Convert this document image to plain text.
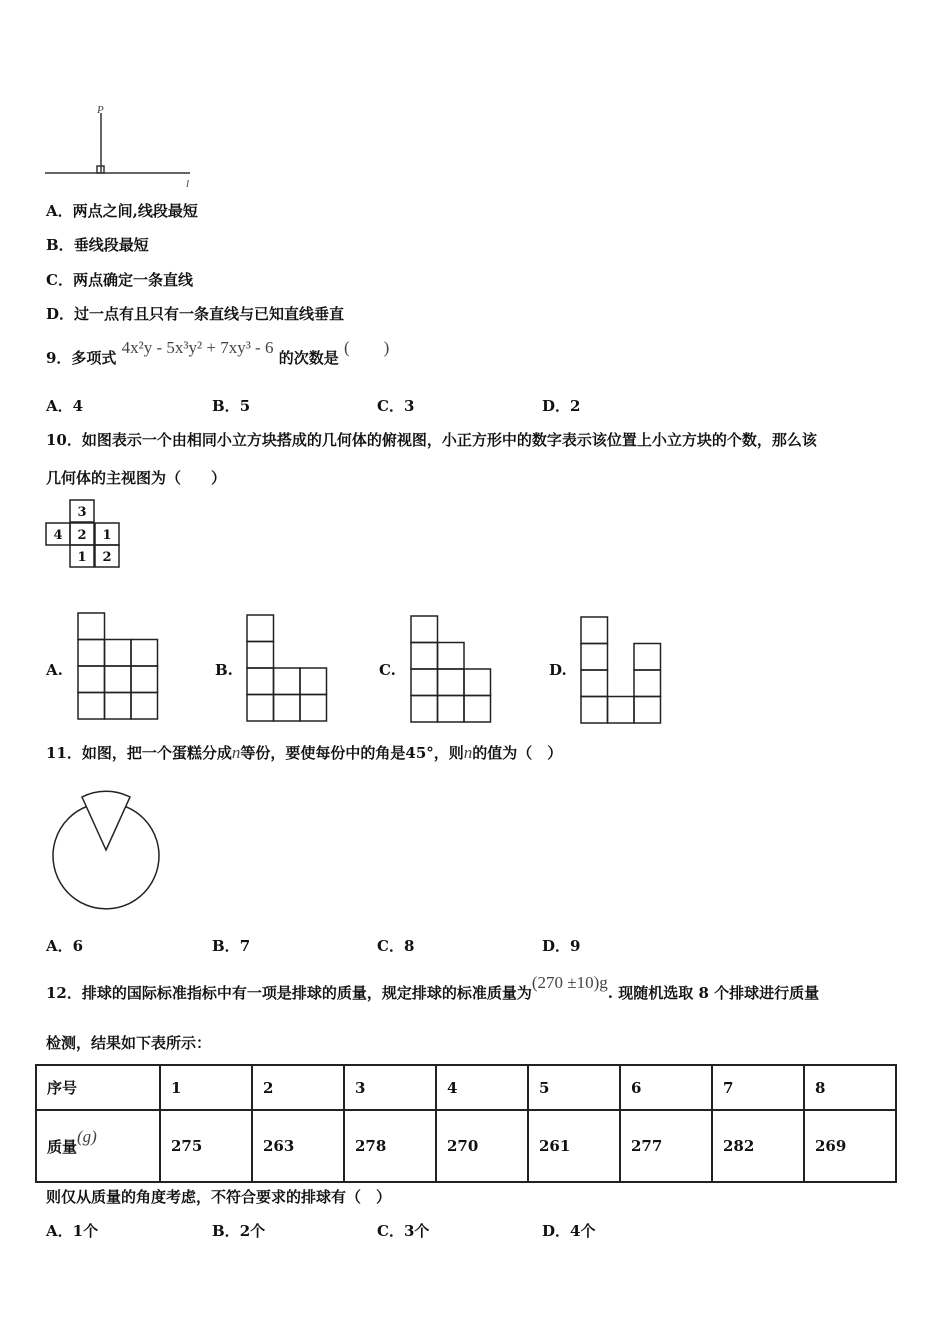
3
4 2 1
1 2
P
l
9．多项式 4x²y - 5x³y² + 7xy³ - 6 的次数是 (　　)
10．如图表示一个由相同小立方块搭成的几何体的俯视图，小正方形中的数字表示该位置上小立方块的个数，那么该
几何体的主视图为（　　）
11．如图，把一个蛋糕分成n等份，要使每份中的角是45°，则n的值为（　）
12．排球的国际标准指标中有一项是排球的质量，规定排球的标准质量为(270 ±10)g. 现随机选取 8 个排球进行质量
检测，结果如下表所示：
序号	1	2	3	4	5	6	7	8
质量(g)	275	263	278	270	261	277	282	269
则仅从质量的角度考虑，不符合要求的排球有（　）
A．两点之间,线段最短
B．垂线段最短
C．两点确定一条直线
D．过一点有且只有一条直线与已知直线垂直
A．4	B．5	C．3	D．2
A．6	B．7	C．8	D．9
A．1个	B．2个	C．3个	D．4个
A.	B.	C.	D.
